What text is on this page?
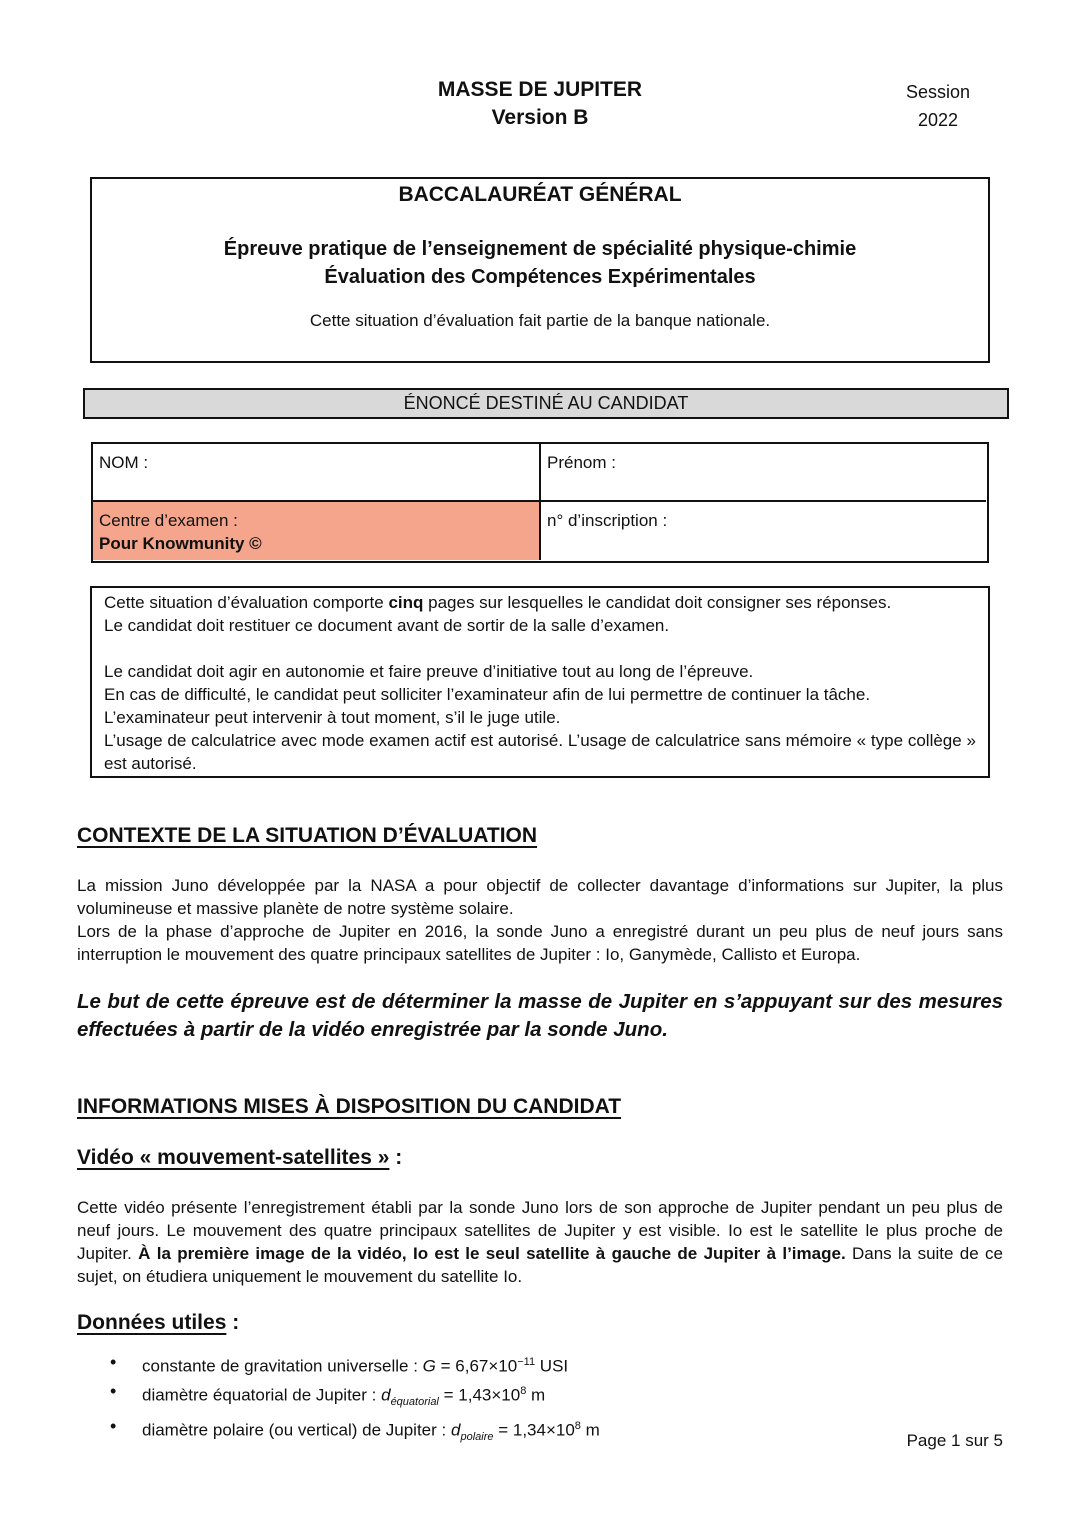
MASSE DE JUPITER
Version B
Session
2022
BACCALAURÉAT GÉNÉRAL
Épreuve pratique de l’enseignement de spécialité physique-chimie
Évaluation des Compétences Expérimentales
Cette situation d’évaluation fait partie de la banque nationale.
ÉNONCÉ DESTINÉ AU CANDIDAT
NOM :	Prénom :
Centre d’examen :
Pour Knowmunity ©
n° d’inscription :
Cette situation d’évaluation comporte cinq pages sur lesquelles le candidat doit consigner ses réponses.
Le candidat doit restituer ce document avant de sortir de la salle d’examen.
Le candidat doit agir en autonomie et faire preuve d’initiative tout au long de l’épreuve.
En cas de difficulté, le candidat peut solliciter l’examinateur afin de lui permettre de continuer la tâche.
L’examinateur peut intervenir à tout moment, s’il le juge utile.
L’usage de calculatrice avec mode examen actif est autorisé. L’usage de calculatrice sans mémoire « type collège » est autorisé.
CONTEXTE DE LA SITUATION D’ÉVALUATION
La mission Juno développée par la NASA a pour objectif de collecter davantage d’informations sur Jupiter, la plus volumineuse et massive planète de notre système solaire.
Lors de la phase d’approche de Jupiter en 2016, la sonde Juno a enregistré durant un peu plus de neuf jours sans interruption le mouvement des quatre principaux satellites de Jupiter : Io, Ganymède, Callisto et Europa.
Le but de cette épreuve est de déterminer la masse de Jupiter en s’appuyant sur des mesures effectuées à partir de la vidéo enregistrée par la sonde Juno.
INFORMATIONS MISES À DISPOSITION DU CANDIDAT
Vidéo « mouvement-satellites » :
Cette vidéo présente l’enregistrement établi par la sonde Juno lors de son approche de Jupiter pendant un peu plus de neuf jours. Le mouvement des quatre principaux satellites de Jupiter y est visible. Io est le satellite le plus proche de Jupiter. À la première image de la vidéo, Io est le seul satellite à gauche de Jupiter à l’image. Dans la suite de ce sujet, on étudiera uniquement le mouvement du satellite Io.
Données utiles :
• constante de gravitation universelle : $G = 6,67\times 10^{-11}$ USI
• diamètre équatorial de Jupiter : $d_{équatorial} = 1,43\times 10^8$ m
• diamètre polaire (ou vertical) de Jupiter : $d_{polaire} = 1,34\times 10^8$ m
Page 1 sur 5
